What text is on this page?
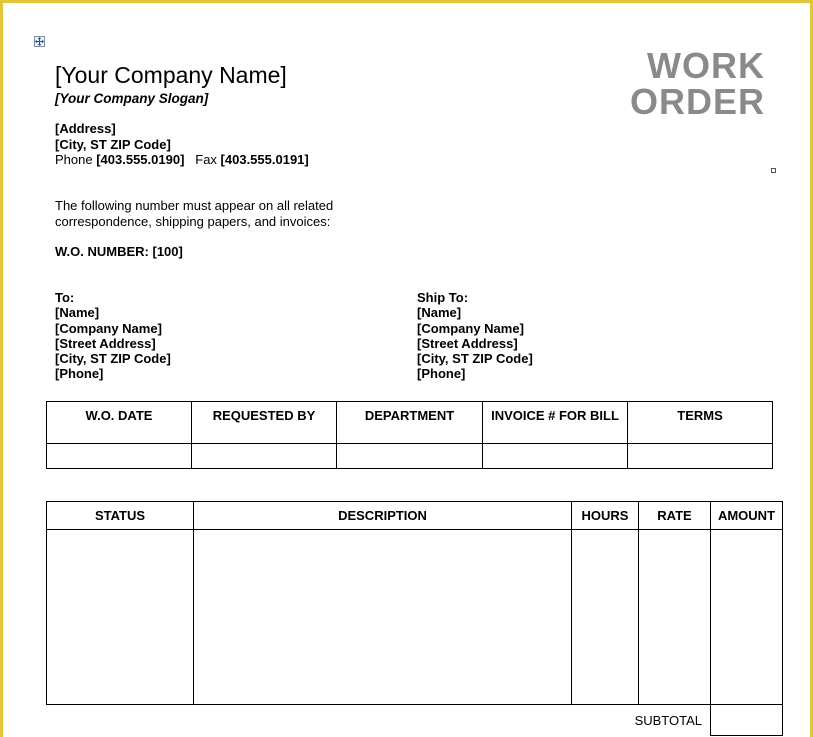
[Your Company Name]
[Your Company Slogan]
[Address]
[City, ST ZIP Code]
Phone [403.555.0190] Fax [403.555.0191]
WORK
ORDER
The following number must appear on all related
correspondence, shipping papers, and invoices:
W.O. NUMBER: [100]
To:
[Name]
[Company Name]
[Street Address]
[City, ST ZIP Code]
[Phone]
Ship To:
[Name]
[Company Name]
[Street Address]
[City, ST ZIP Code]
[Phone]
W.O. DATE	REQUESTED BY	DEPARTMENT	INVOICE # FOR BILL	TERMS

STATUS	DESCRIPTION	HOURS	RATE	AMOUNT

SUBTOTAL				
